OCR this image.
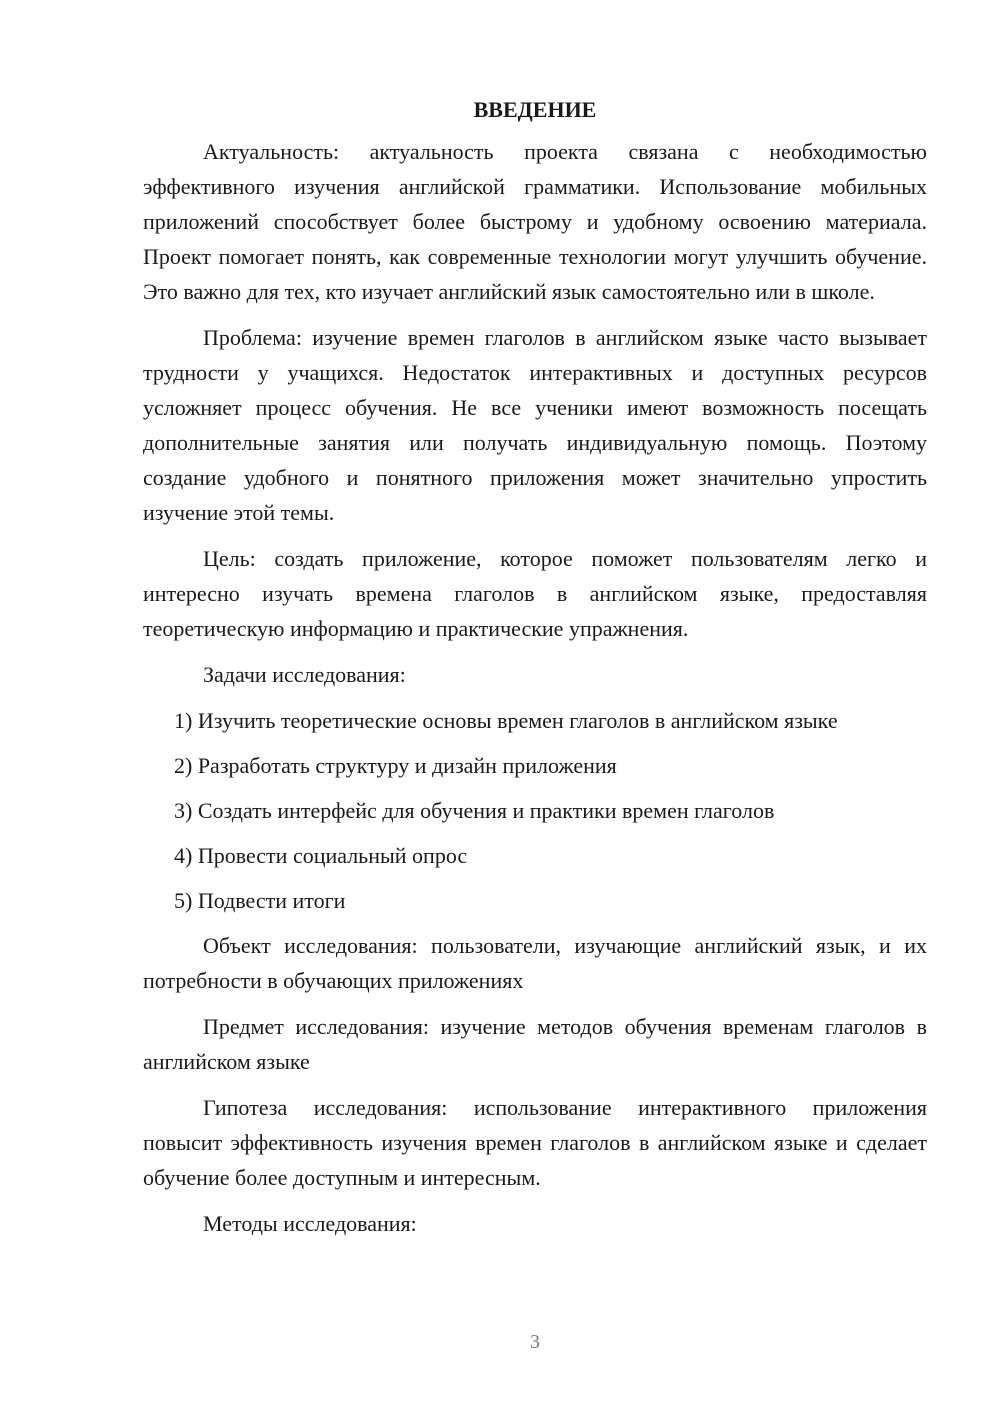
ВВЕДЕНИЕ

Актуальность: актуальность проекта связана с необходимостью эффективного изучения английской грамматики. Использование мобильных приложений способствует более быстрому и удобному освоению материала. Проект помогает понять, как современные технологии могут улучшить обучение. Это важно для тех, кто изучает английский язык самостоятельно или в школе.

Проблема: изучение времен глаголов в английском языке часто вызывает трудности у учащихся. Недостаток интерактивных и доступных ресурсов усложняет процесс обучения. Не все ученики имеют возможность посещать дополнительные занятия или получать индивидуальную помощь. Поэтому создание удобного и понятного приложения может значительно упростить изучение этой темы.

Цель: создать приложение, которое поможет пользователям легко и интересно изучать времена глаголов в английском языке, предоставляя теоретическую информацию и практические упражнения.

Задачи исследования:

1) Изучить теоретические основы времен глаголов в английском языке
2) Разработать структуру и дизайн приложения
3) Создать интерфейс для обучения и практики времен глаголов
4) Провести социальный опрос
5) Подвести итоги

Объект исследования: пользователи, изучающие английский язык, и их потребности в обучающих приложениях

Предмет исследования: изучение методов обучения временам глаголов в английском языке

Гипотеза исследования: использование интерактивного приложения повысит эффективность изучения времен глаголов в английском языке и сделает обучение более доступным и интересным.

Методы исследования:

3
